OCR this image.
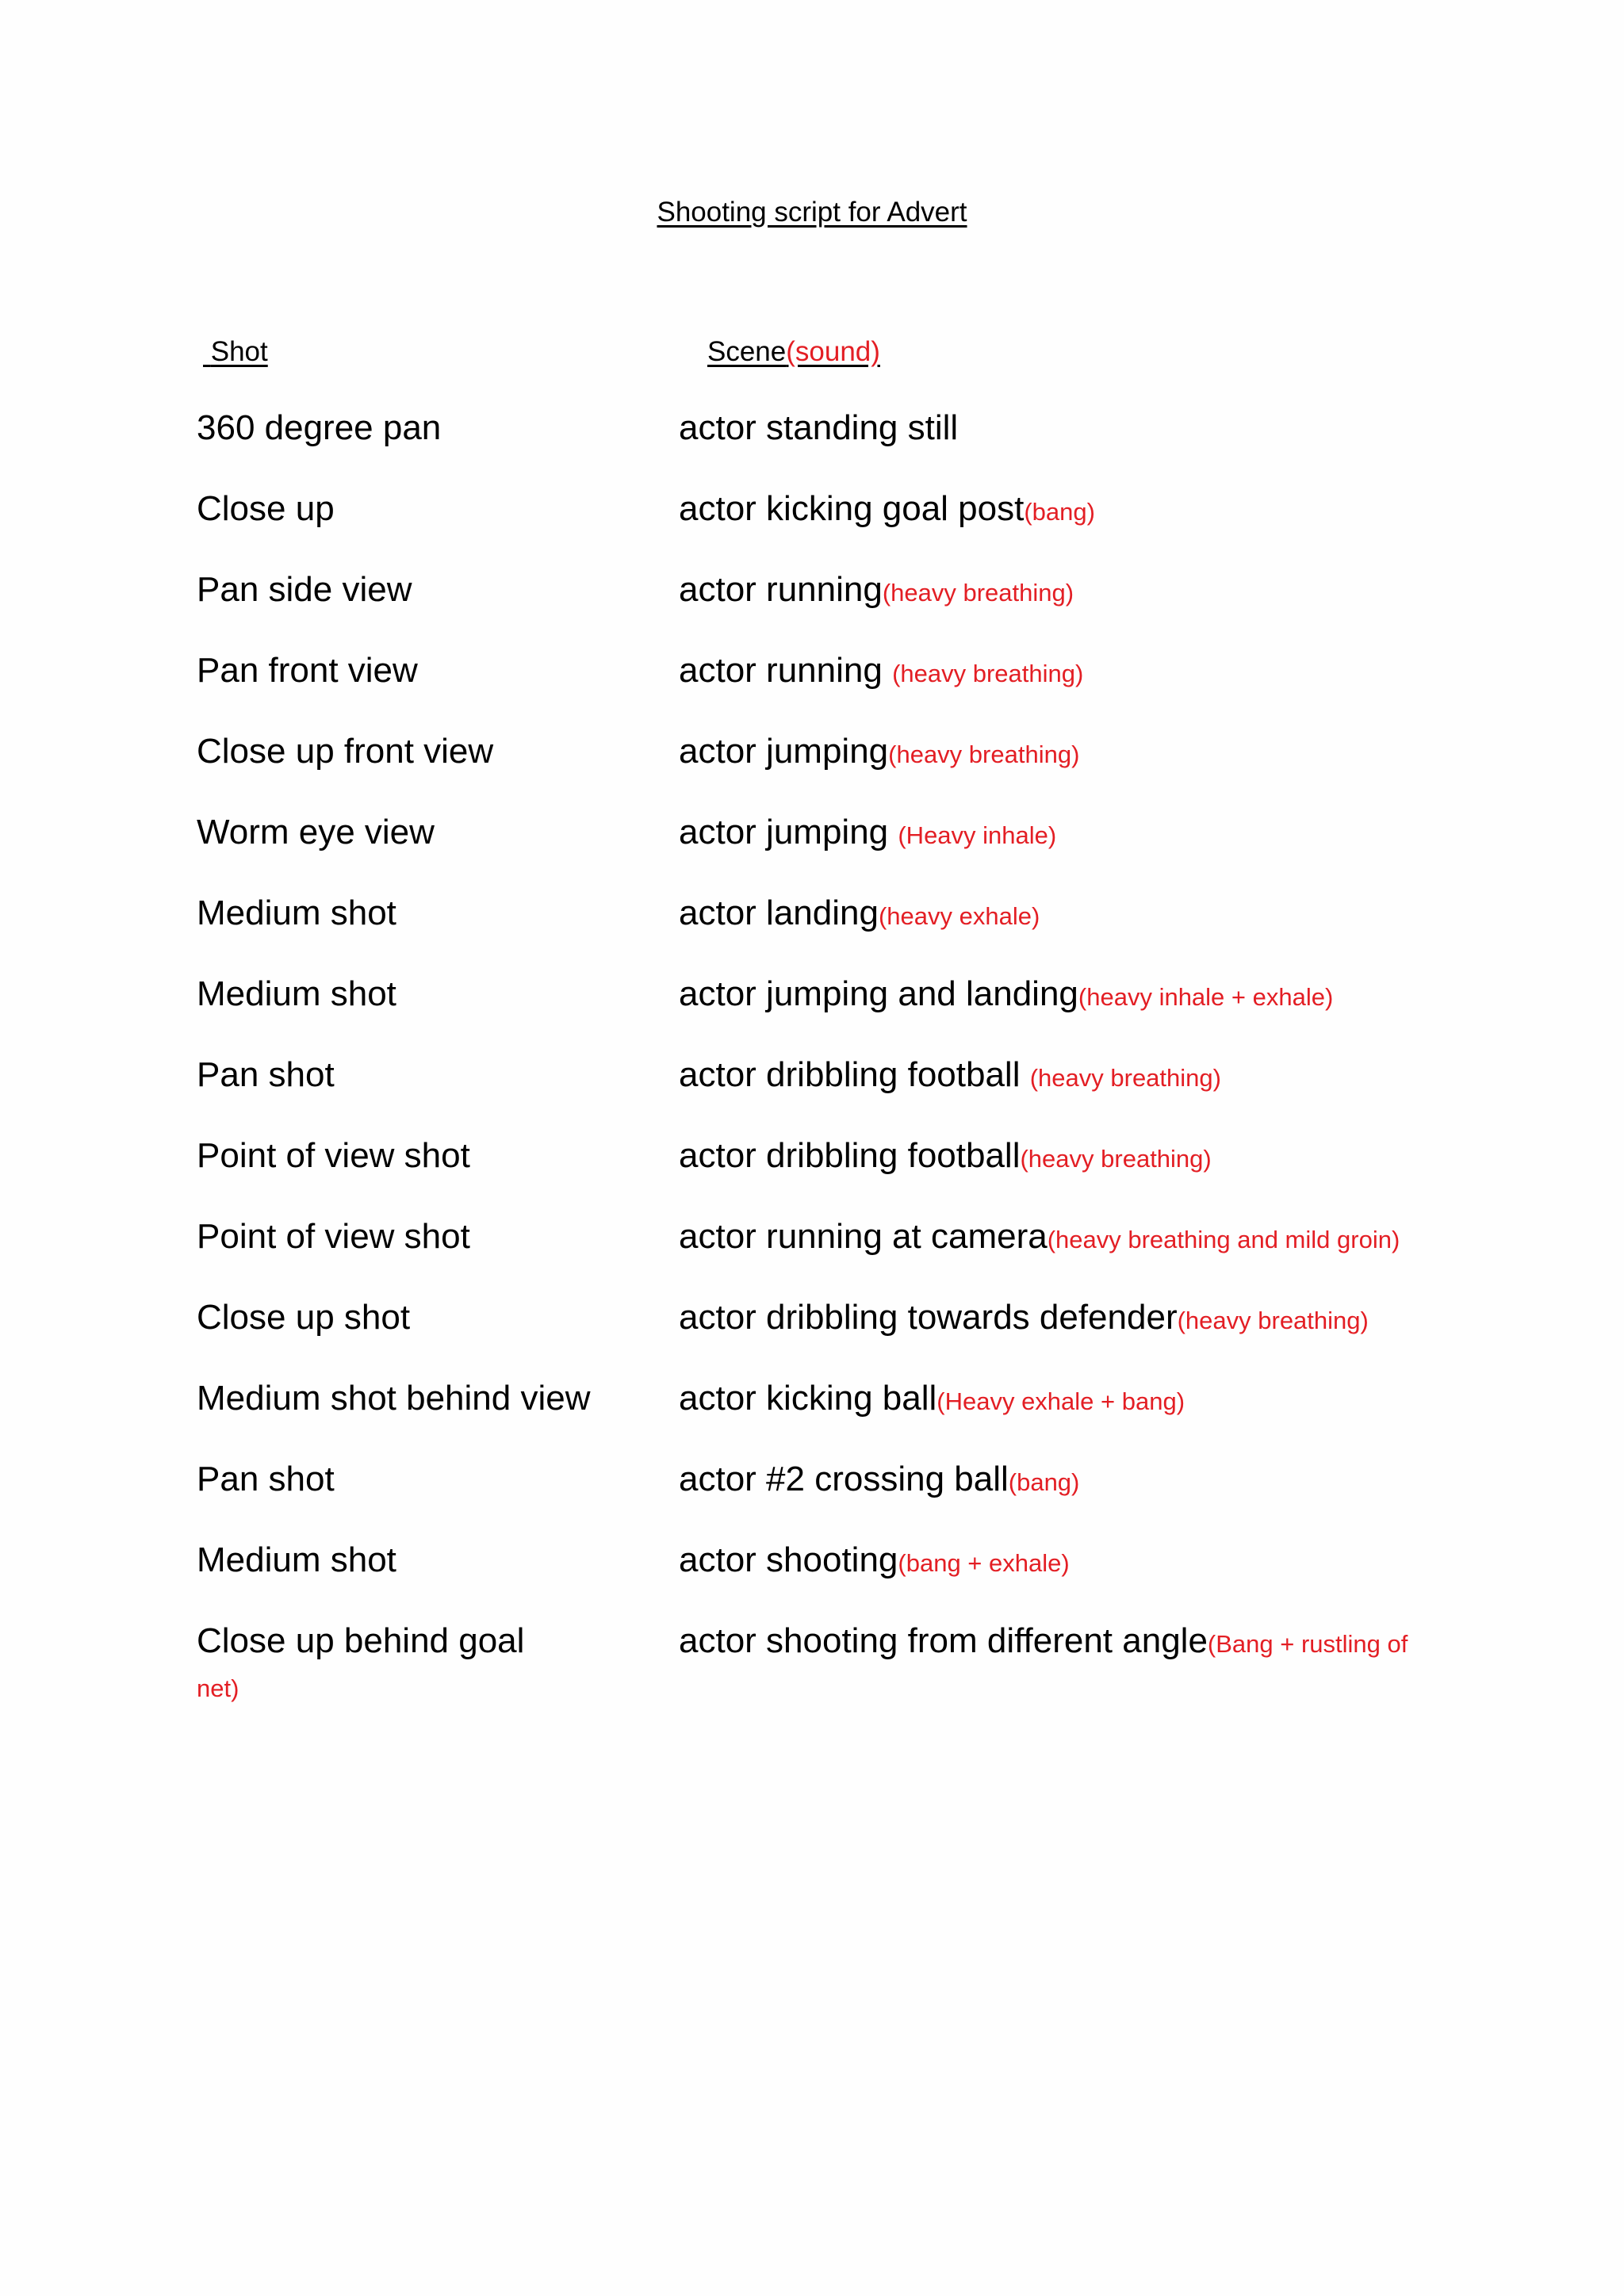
Shooting script for Advert
Shot	Scene(sound)
360 degree pan	actor standing still
Close up	actor kicking goal post(bang)
Pan side view	actor running(heavy breathing)
Pan front view	actor running (heavy breathing)
Close up front view	actor jumping(heavy breathing)
Worm eye view	actor jumping (Heavy inhale)
Medium shot	actor landing(heavy exhale)
Medium shot	actor jumping and landing(heavy inhale + exhale)
Pan shot	actor dribbling football (heavy breathing)
Point of view shot	actor dribbling football(heavy breathing)
Point of view shot	actor running at camera(heavy breathing and mild groin)
Close up shot	actor dribbling towards defender(heavy breathing)
Medium shot behind view	actor kicking ball(Heavy exhale + bang)
Pan shot	actor #2 crossing ball(bang)
Medium shot	actor shooting(bang + exhale)
Close up behind goal	actor shooting from different angle(Bang + rustling of
net)
